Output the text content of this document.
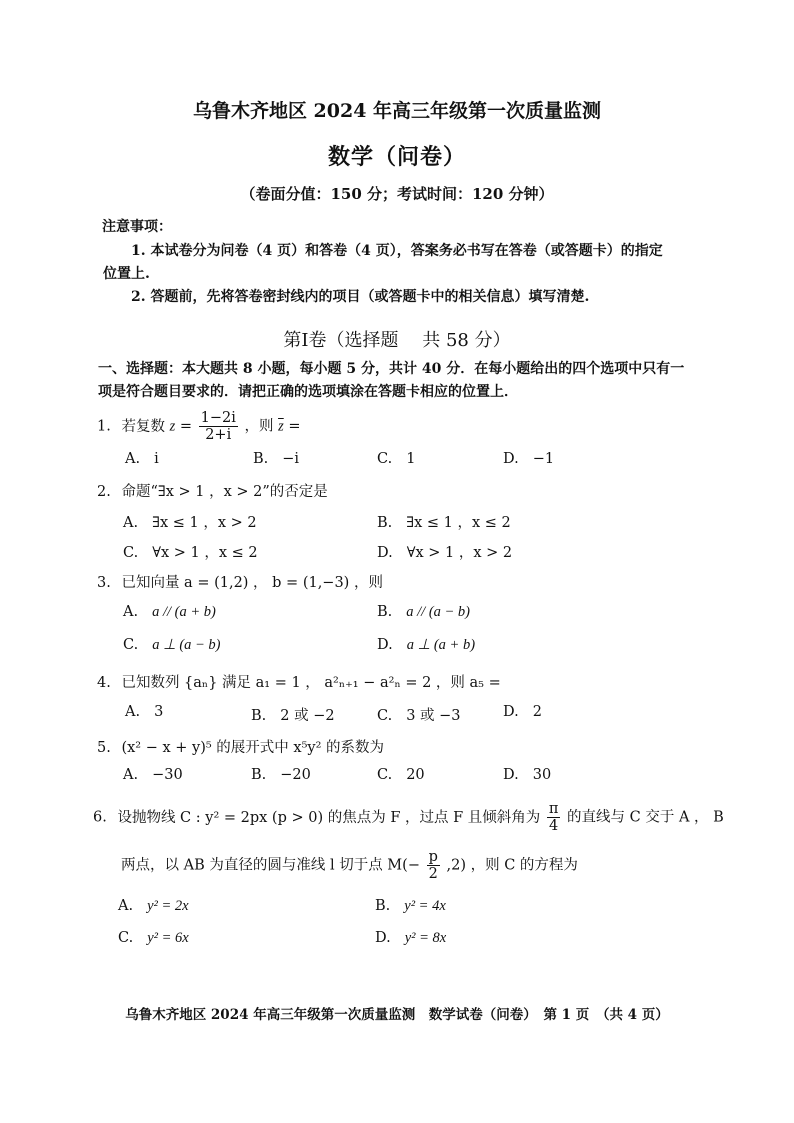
乌鲁木齐地区 2024 年高三年级第一次质量监测
数学（问卷）
（卷面分值：150 分；考试时间：120 分钟）
注意事项：
1. 本试卷分为问卷（4 页）和答卷（4 页），答案务必书写在答卷（或答题卡）的指定
位置上.
2. 答题前，先将答卷密封线内的项目（或答题卡中的相关信息）填写清楚.
第Ⅰ卷（选择题　 共 58 分）
一、选择题：本大题共 8 小题，每小题 5 分，共计 40 分．在每小题给出的四个选项中只有一
项是符合题目要求的．请把正确的选项填涂在答题卡相应的位置上．
1. 若复数 $z = \frac{1-2i}{2+i}$ ，则 $\overline{z}$ =
A. i	B. −i	C. 1	D. −1
2. 命题“∃x > 1 ，x > 2”的否定是
A. ∃x ≤ 1 ，x > 2	B. ∃x ≤ 1 ，x ≤ 2
C. ∀x > 1 ，x ≤ 2	D. ∀x > 1 ，x > 2
3. 已知向量 a = (1,2) ， b = (1,−3) ，则
A. a // (a + b)	B. a // (a − b)
C. a ⊥ (a − b)	D. a ⊥ (a + b)
4. 已知数列 {aₙ} 满足 a₁ = 1 ， a²ₙ₊₁ − a²ₙ = 2 ，则 a₅ =
A. 3	B. 2 或 −2	C. 3 或 −3	D. 2
5. (x² − x + y)⁵ 的展开式中 x⁵y² 的系数为
A. −30	B. −20	C. 20	D. 30
6. 设抛物线 C : y² = 2px (p > 0) 的焦点为 F ，过点 F 且倾斜角为 $\frac{\pi}{4}$ 的直线与 C 交于 A ， B
两点，以 AB 为直径的圆与准线 l 切于点 $M(- \frac{p}{2} ,2)$ ，则 C 的方程为
A. y² = 2x	B. y² = 4x
C. y² = 6x	D. y² = 8x
乌鲁木齐地区 2024 年高三年级第一次质量监测　数学试卷（问卷）　第 1 页　（共 4 页）
